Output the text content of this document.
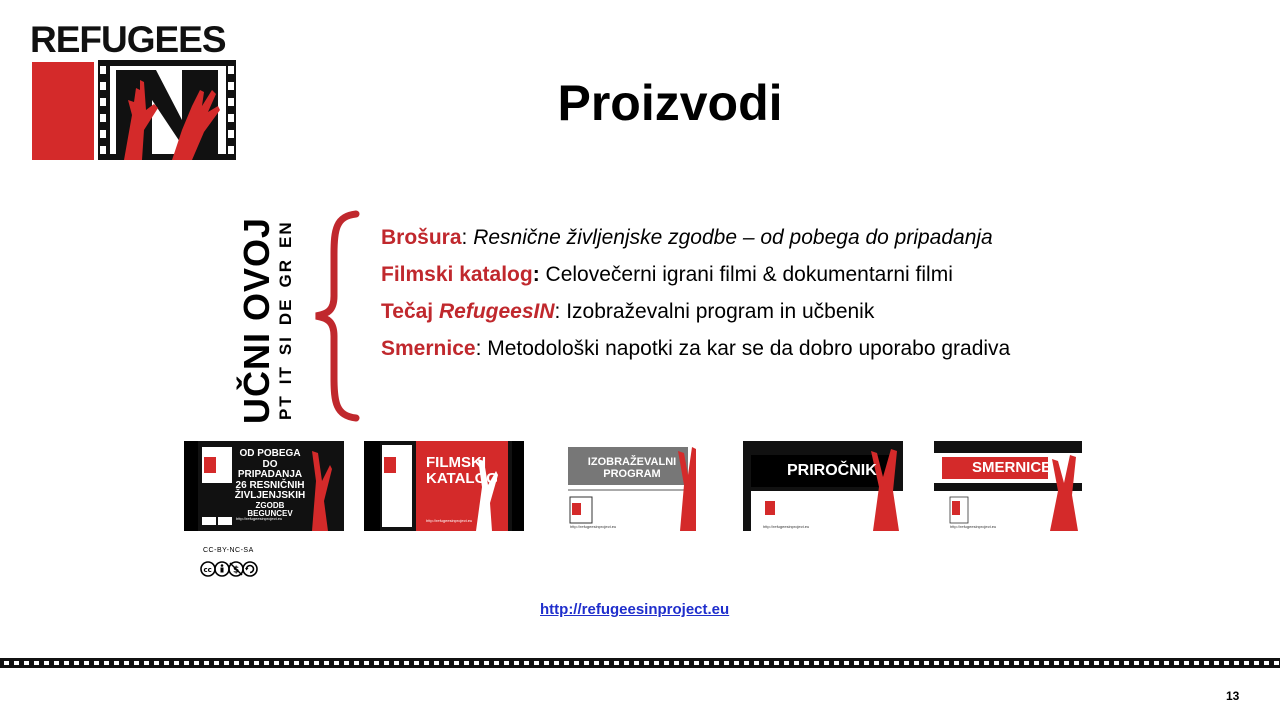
REFUGEES
Proizvodi
UČNI OVOJ PT
IT
SI
DE
GR
EN	Brošura: Resnične življenjske zgodbe – od pobega do pripadanja
Filmski katalog: Celovečerni igrani filmi & dokumentarni filmi
Tečaj RefugeesIN: Izobraževalni program in učbenik
Smernice: Metodološki napotki za kar se da dobro uporabo gradiva
OD POBEGA DO
PRIPADANJA
26 RESNIČNIH
ŽIVLJENJSKIH
ZGODB BEGUNCEV
http://refugeesinproject.eu
FILMSKI
KATALOG
http://refugeesinproject.eu
IZOBRAŽEVALNI
PROGRAM
http://refugeesinproject.eu
PRIROČNIK
http://refugeesinproject.eu
SMERNICE
http://refugeesinproject.eu
CC-BY-NC-SA
cc $
http://refugeesinproject.eu
13
